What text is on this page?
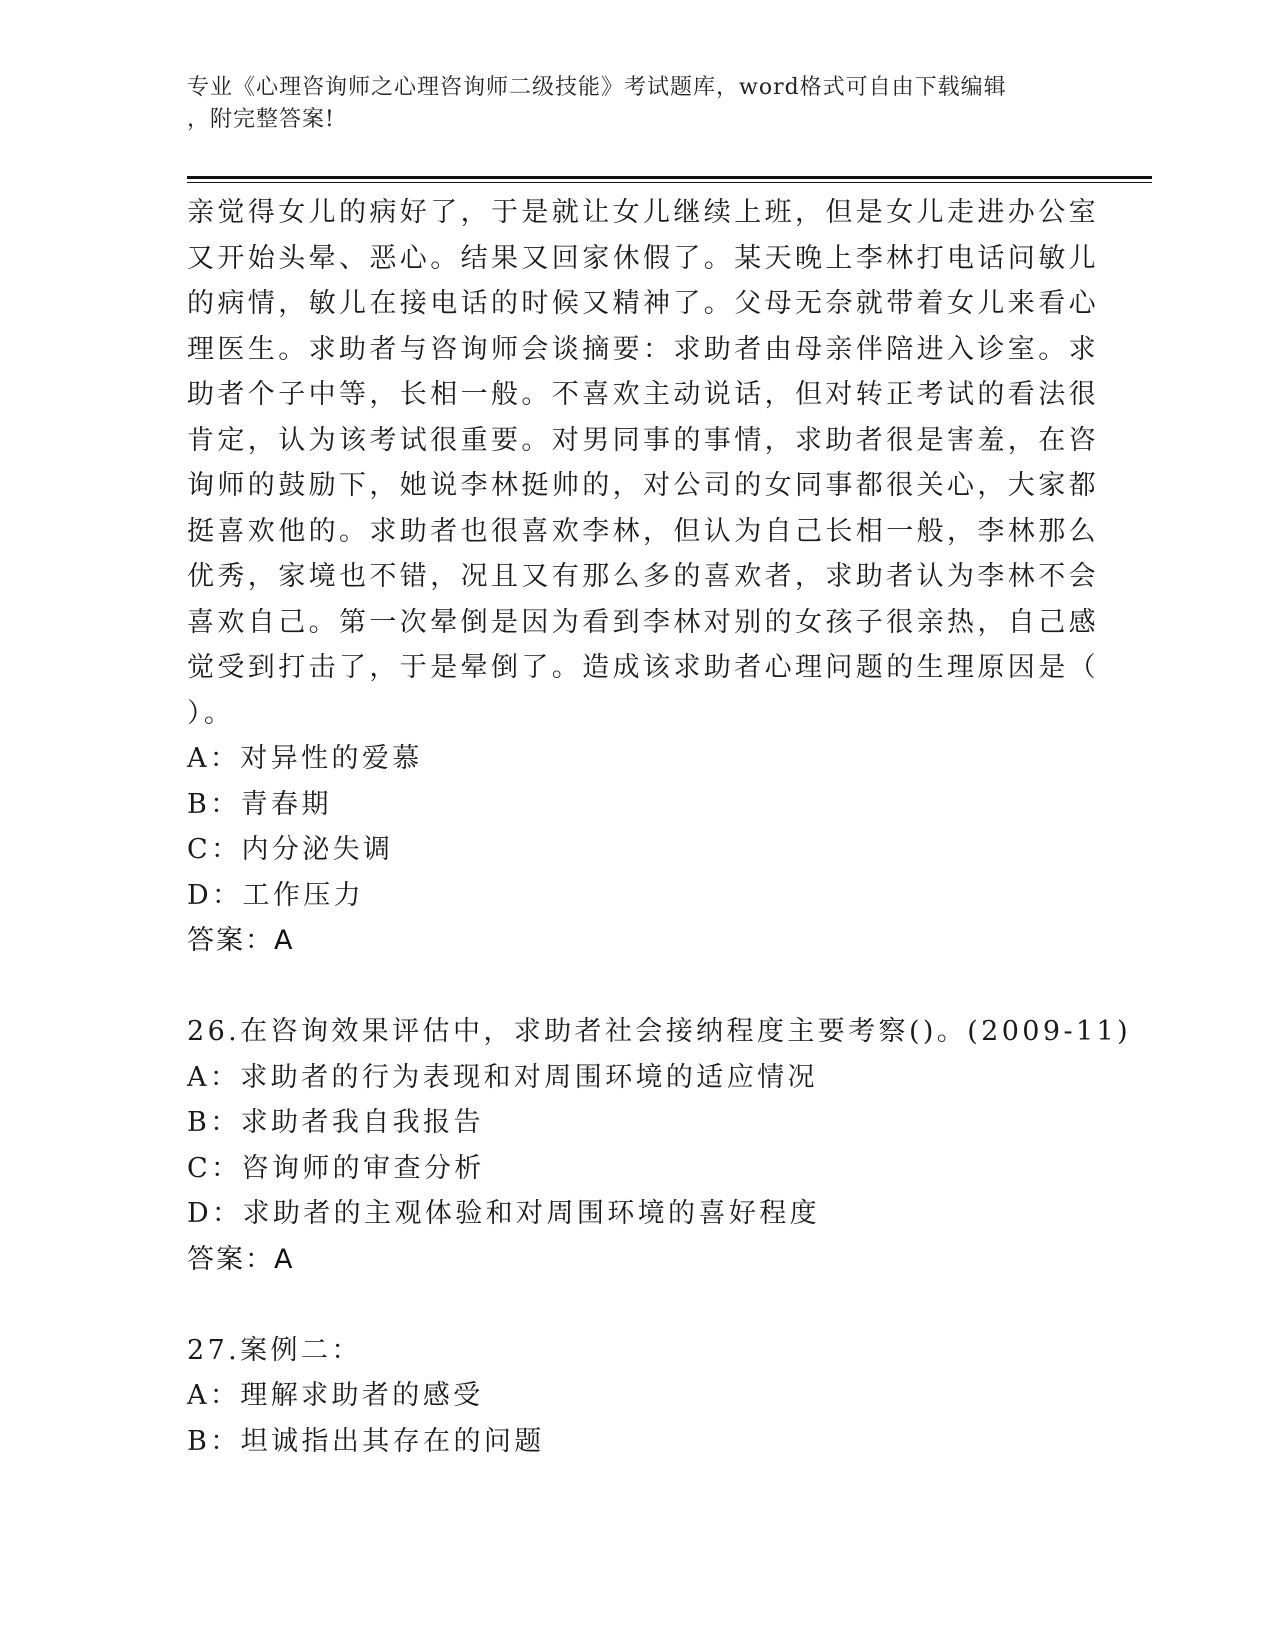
专业《心理咨询师之心理咨询师二级技能》考试题库，word格式可自由下载编辑
，附完整答案!
亲觉得女儿的病好了，于是就让女儿继续上班，但是女儿走进办公室
又开始头晕、恶心。结果又回家休假了。某天晚上李林打电话问敏儿
的病情，敏儿在接电话的时候又精神了。父母无奈就带着女儿来看心
理医生。求助者与咨询师会谈摘要：求助者由母亲伴陪进入诊室。求
助者个子中等，长相一般。不喜欢主动说话，但对转正考试的看法很
肯定，认为该考试很重要。对男同事的事情，求助者很是害羞，在咨
询师的鼓励下，她说李林挺帅的，对公司的女同事都很关心，大家都
挺喜欢他的。求助者也很喜欢李林，但认为自己长相一般，李林那么
优秀，家境也不错，况且又有那么多的喜欢者，求助者认为李林不会
喜欢自己。第一次晕倒是因为看到李林对别的女孩子很亲热，自己感
觉受到打击了，于是晕倒了。造成该求助者心理问题的生理原因是（
）。
A：对异性的爱慕
B：青春期
C：内分泌失调
D：工作压力
答案：A
26.在咨询效果评估中，求助者社会接纳程度主要考察()。(2009-11)
A：求助者的行为表现和对周围环境的适应情况
B：求助者我自我报告
C：咨询师的审查分析
D：求助者的主观体验和对周围环境的喜好程度
答案：A
27.案例二：
A：理解求助者的感受
B：坦诚指出其存在的问题
